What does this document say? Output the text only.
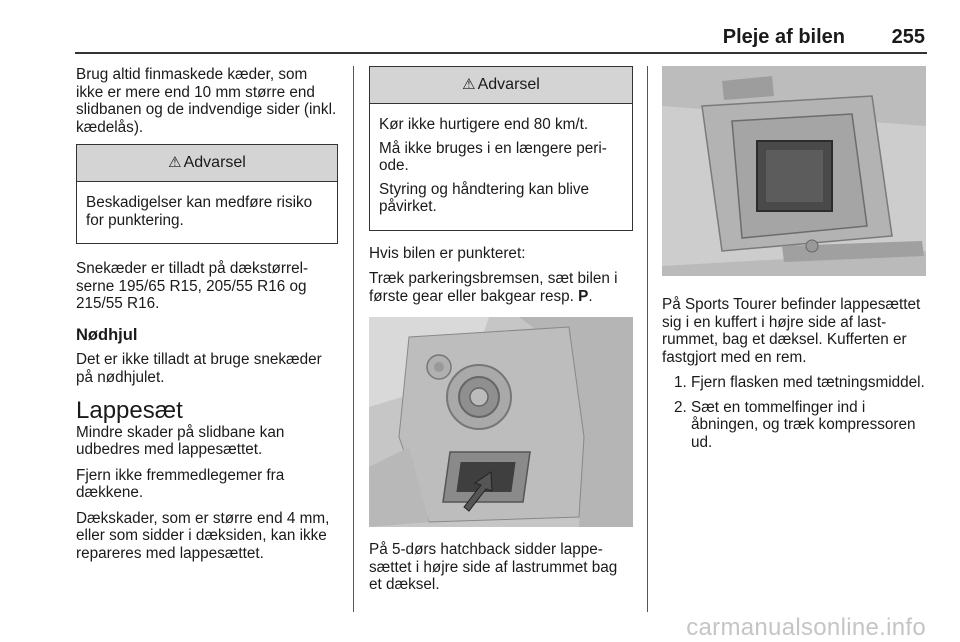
Pleje af bilen 255

Brug altid finmaskede kæder, som ikke er mere end 10 mm større end slidbanen og de indvendige sider (inkl. kædelås).

⚠ Advarsel

Beskadigelser kan medføre risiko for punktering.

Snekæder er tilladt på dækstørrelserne 195/65 R15, 205/55 R16 og 215/55 R16.

Nødhjul

Det er ikke tilladt at bruge snekæder på nødhjulet.

Lappesæt

Mindre skader på slidbane kan udbedres med lappesættet.

Fjern ikke fremmedlegemer fra dækkene.

Dækskader, som er større end 4 mm, eller som sidder i dæksiden, kan ikke repareres med lappesættet.

⚠ Advarsel

Kør ikke hurtigere end 80 km/t.

Må ikke bruges i en længere periode.

Styring og håndtering kan blive påvirket.

Hvis bilen er punkteret:

Træk parkeringsbremsen, sæt bilen i første gear eller bakgear resp. P.

På 5-dørs hatchback sidder lappesættet i højre side af lastrummet bag et dæksel.

På Sports Tourer befinder lappesættet sig i en kuffert i højre side af lastrummet, bag et dæksel. Kufferten er fastgjort med en rem.

1. Fjern flasken med tætningsmiddel.
2. Sæt en tommelfinger ind i åbningen, og træk kompressoren ud.
carmanualsonline.info
